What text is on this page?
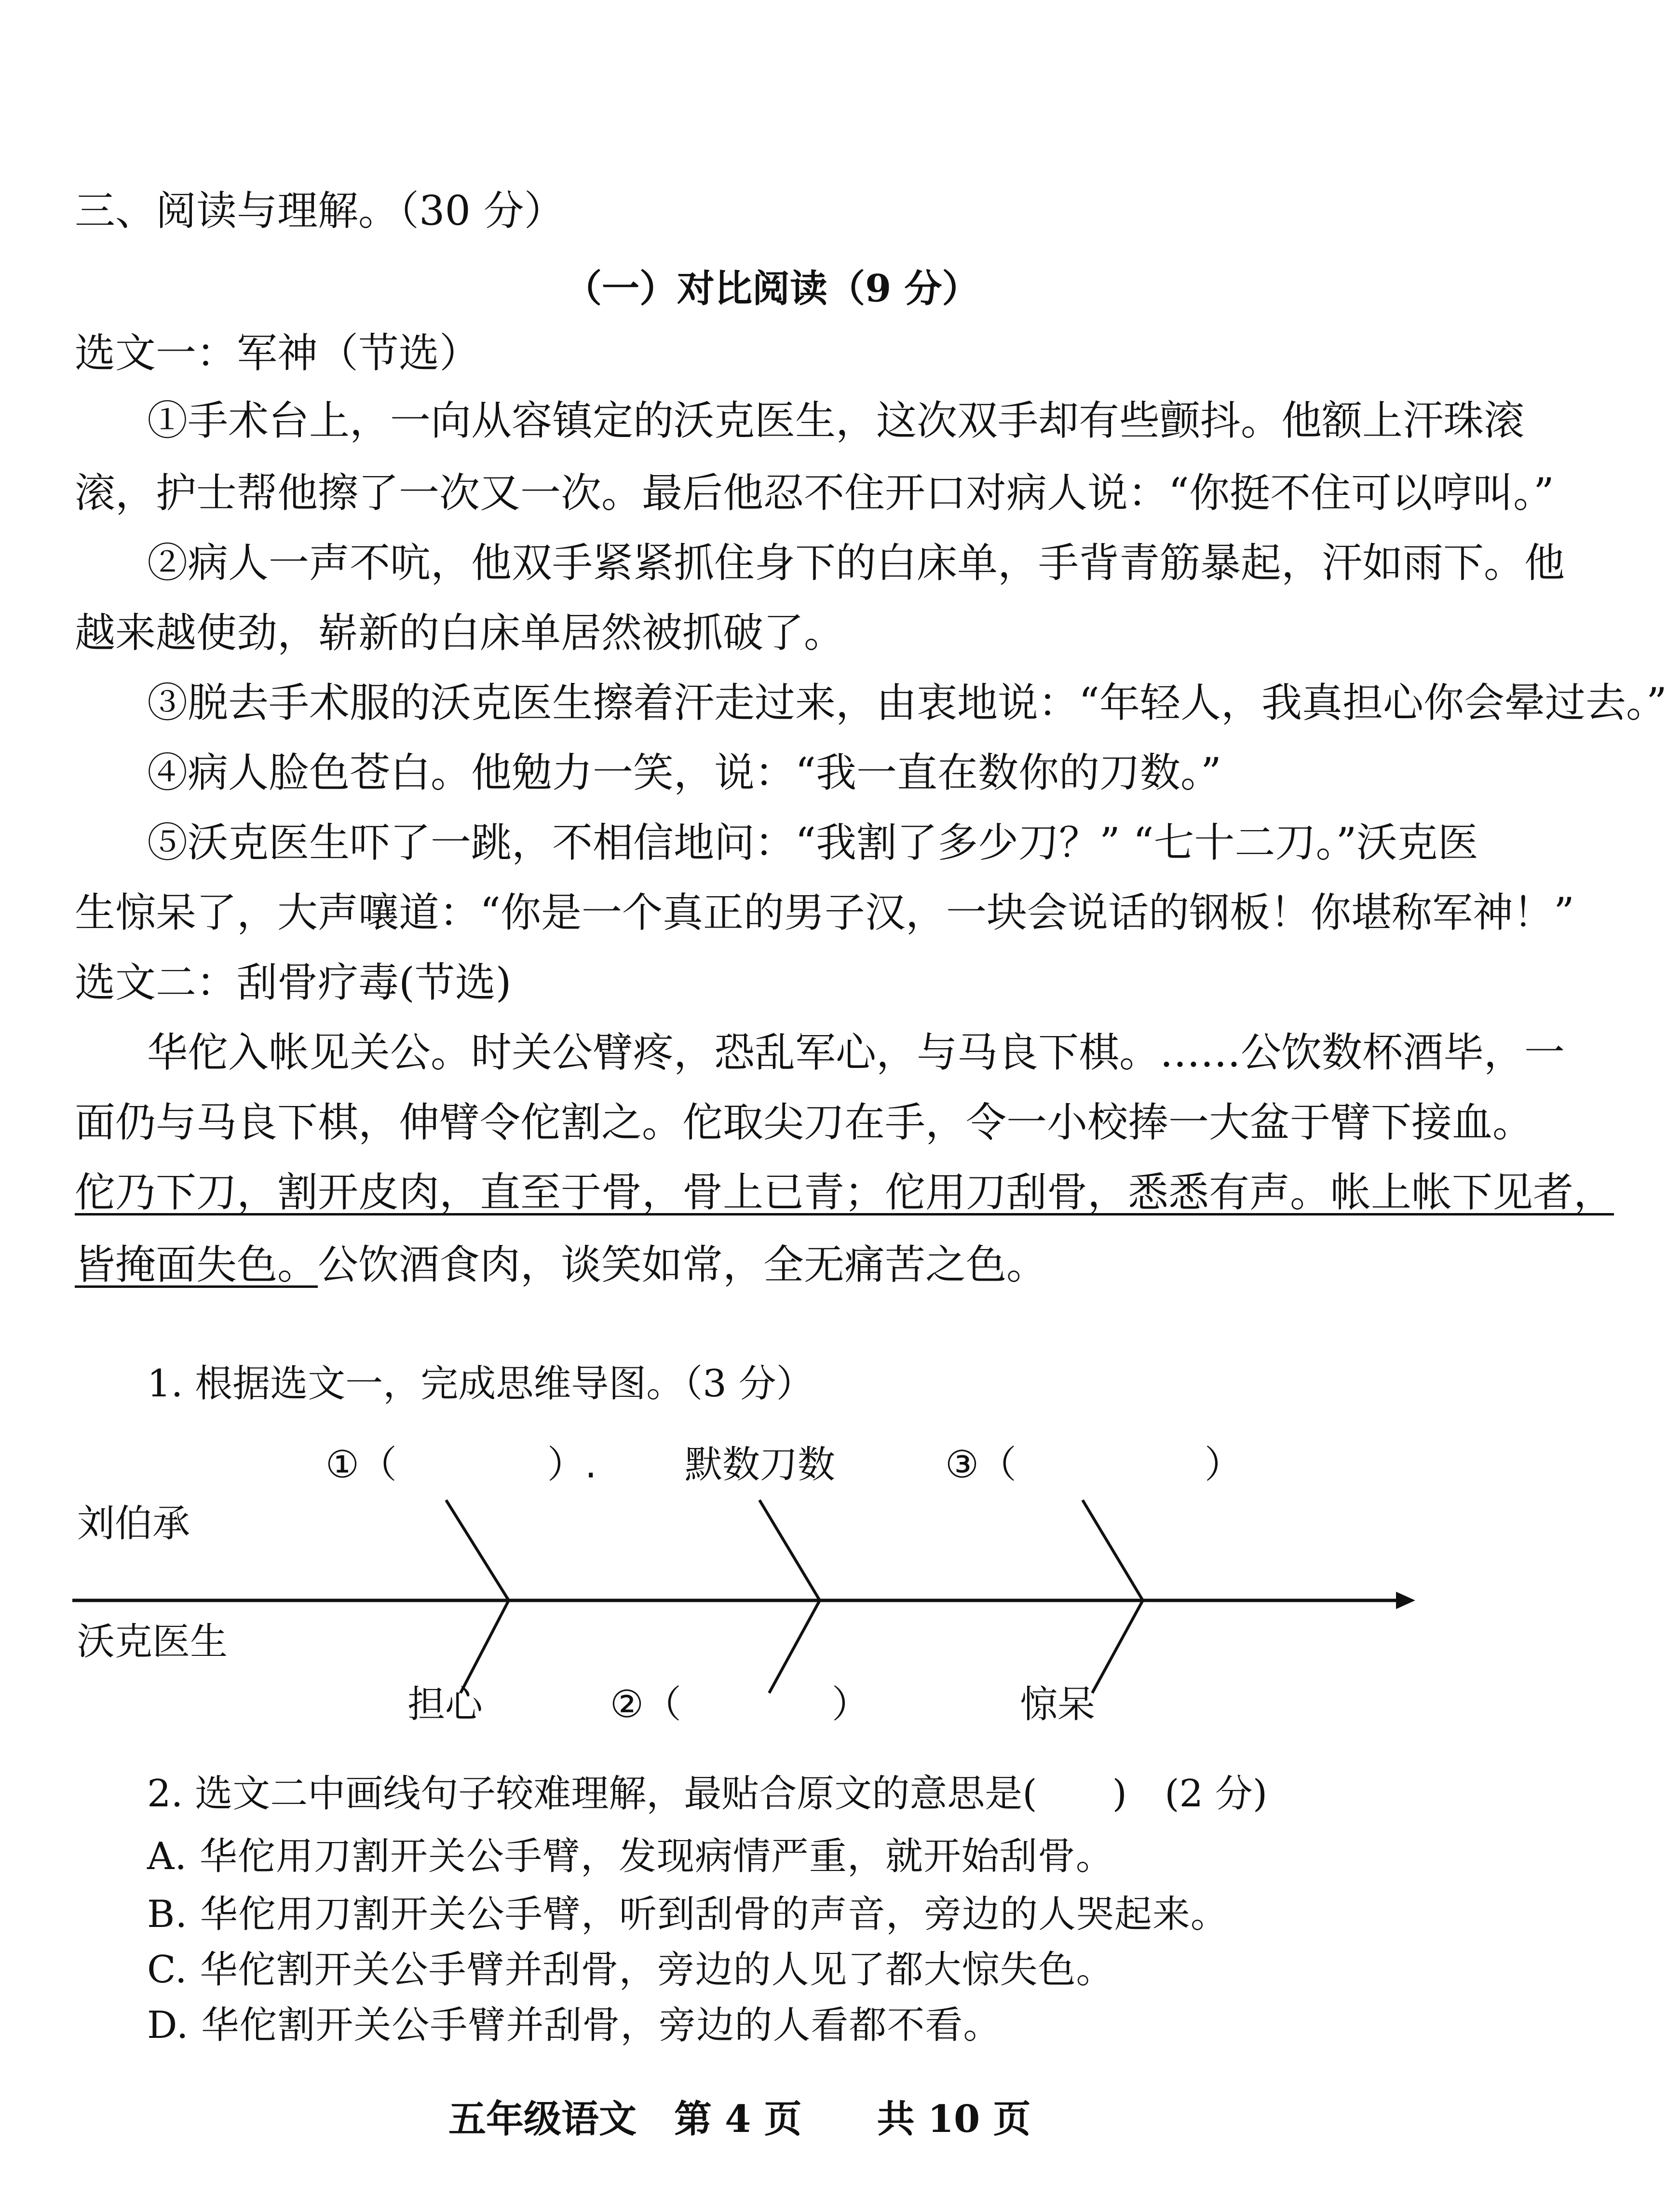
三、阅读与理解。（30 分）
（一）对比阅读（9 分）
选文一：军神（节选）
①手术台上，一向从容镇定的沃克医生，这次双手却有些颤抖。他额上汗珠滚
滚，护士帮他擦了一次又一次。最后他忍不住开口对病人说：“你挺不住可以哼叫。”
②病人一声不吭，他双手紧紧抓住身下的白床单，手背青筋暴起，汗如雨下。他
越来越使劲，崭新的白床单居然被抓破了。
③脱去手术服的沃克医生擦着汗走过来，由衷地说：“年轻人，我真担心你会晕过去。”
④病人脸色苍白。他勉力一笑，说：“我一直在数你的刀数。”
⑤沃克医生吓了一跳，不相信地问：“我割了多少刀？” “七十二刀。”沃克医
生惊呆了，大声嚷道：“你是一个真正的男子汉，一块会说话的钢板！你堪称军神！”
选文二：刮骨疗毒(节选)
华佗入帐见关公。时关公臂疼，恐乱军心，与马良下棋。……公饮数杯酒毕，一
面仍与马良下棋，伸臂令佗割之。佗取尖刀在手，令一小校捧一大盆于臂下接血。
佗乃下刀，割开皮肉，直至于骨，骨上已青；佗用刀刮骨，悉悉有声。帐上帐下见者，
皆掩面失色。公饮酒食肉，谈笑如常，全无痛苦之色。
1. 根据选文一，完成思维导图。（3 分）
刘伯承
沃克医生
①（　　　　）. 默数刀数	③（　　　　　）
担心	②（　　　　）	惊呆
2. 选文二中画线句子较难理解，最贴合原文的意思是(　　)　(2 分)
A. 华佗用刀割开关公手臂，发现病情严重，就开始刮骨。
B. 华佗用刀割开关公手臂，听到刮骨的声音，旁边的人哭起来。
C. 华佗割开关公手臂并刮骨，旁边的人见了都大惊失色。
D. 华佗割开关公手臂并刮骨，旁边的人看都不看。
五年级语文　第 4 页　　共 10 页
